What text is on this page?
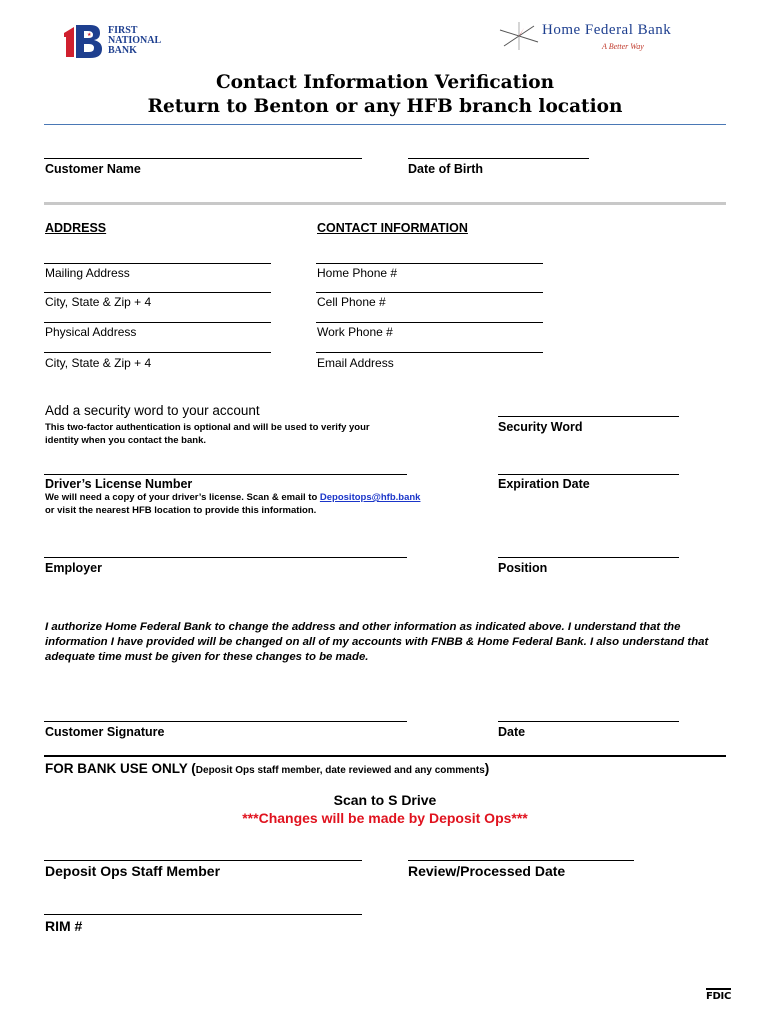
★ FIRST
NATIONAL
BANK
Home Federal Bank
A Better Way
Contact Information Verification
Return to Benton or any HFB branch location
Customer Name	Date of Birth
ADDRESS	CONTACT INFORMATION
Mailing Address	Home Phone #
City, State & Zip + 4	Cell Phone #
Physical Address	Work Phone #
City, State & Zip + 4	Email Address
Add a security word to your account
This two-factor authentication is optional and will be used to verify your identity when you contact the bank.
Security Word
Driver’s License Number
We will need a copy of your driver’s license. Scan & email to Depositops@hfb.bank
or visit the nearest HFB location to provide this information.
Expiration Date
Employer	Position
I authorize Home Federal Bank to change the address and other information as indicated above. I understand that the information I have provided will be changed on all of my accounts with FNBB & Home Federal Bank. I also understand that adequate time must be given for these changes to be made.
Customer Signature	Date
FOR BANK USE ONLY (Deposit Ops staff member, date reviewed and any comments)
Scan to S Drive
***Changes will be made by Deposit Ops***
Deposit Ops Staff Member	Review/Processed Date
RIM #
FDIC
